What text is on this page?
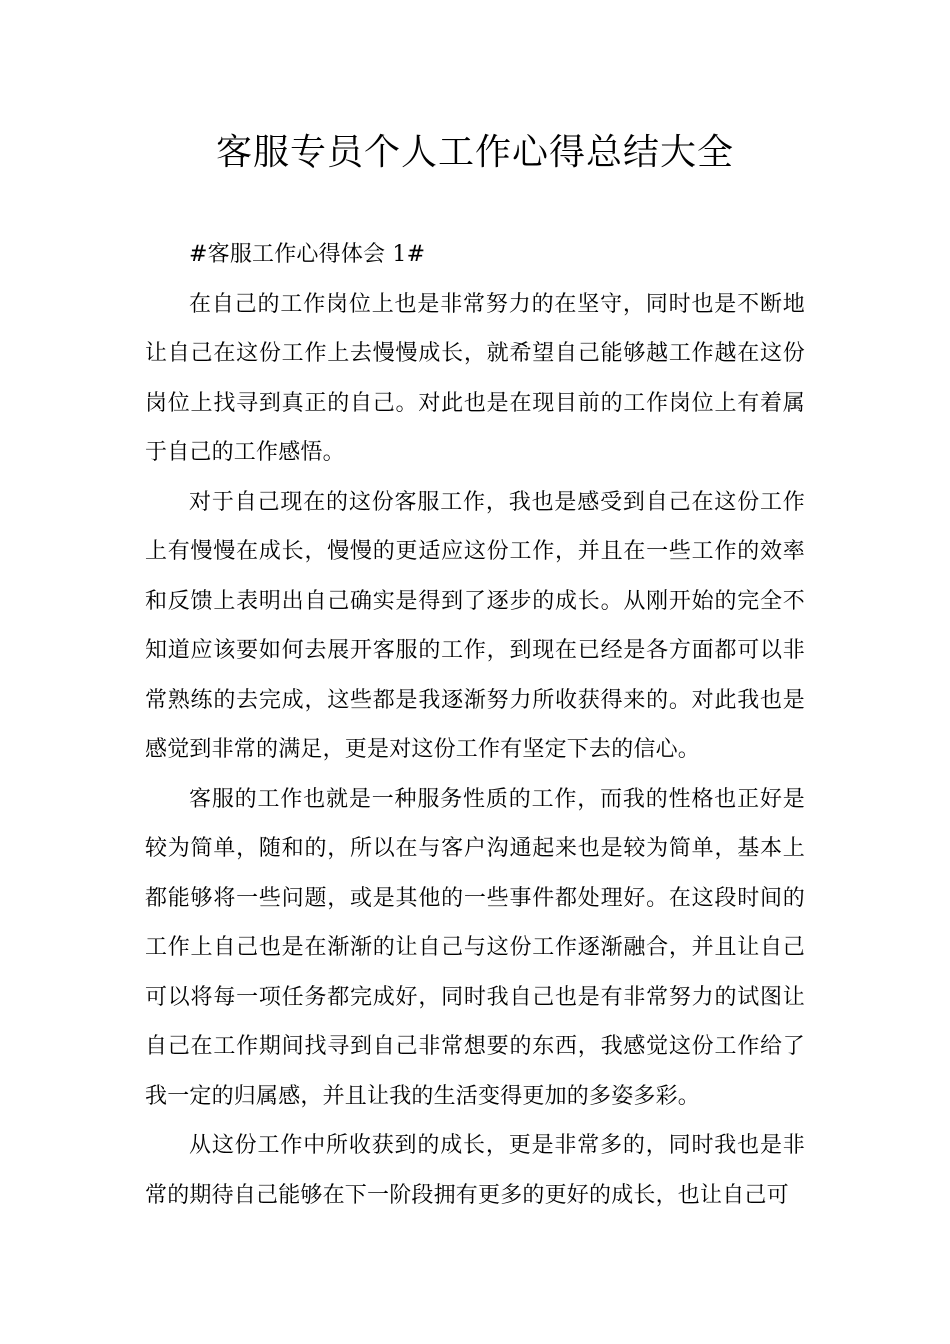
客服专员个人工作心得总结大全

#客服工作心得体会 1#

在自己的工作岗位上也是非常努力的在坚守，同时也是不断地让自己在这份工作上去慢慢成长，就希望自己能够越工作越在这份岗位上找寻到真正的自己。对此也是在现目前的工作岗位上有着属于自己的工作感悟。

对于自己现在的这份客服工作，我也是感受到自己在这份工作上有慢慢在成长，慢慢的更适应这份工作，并且在一些工作的效率和反馈上表明出自己确实是得到了逐步的成长。从刚开始的完全不知道应该要如何去展开客服的工作，到现在已经是各方面都可以非常熟练的去完成，这些都是我逐渐努力所收获得来的。对此我也是感觉到非常的满足，更是对这份工作有坚定下去的信心。

客服的工作也就是一种服务性质的工作，而我的性格也正好是较为简单，随和的，所以在与客户沟通起来也是较为简单，基本上都能够将一些问题，或是其他的一些事件都处理好。在这段时间的工作上自己也是在渐渐的让自己与这份工作逐渐融合，并且让自己可以将每一项任务都完成好，同时我自己也是有非常努力的试图让自己在工作期间找寻到自己非常想要的东西，我感觉这份工作给了我一定的归属感，并且让我的生活变得更加的多姿多彩。

从这份工作中所收获到的成长，更是非常多的，同时我也是非常的期待自己能够在下一阶段拥有更多的更好的成长，也让自己可
